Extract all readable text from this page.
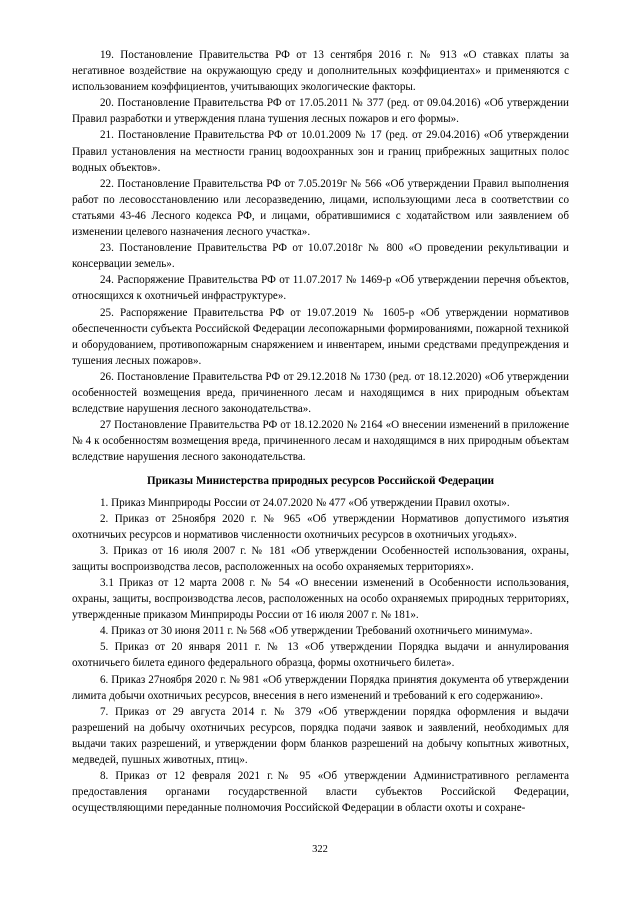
19. Постановление Правительства РФ от 13 сентября 2016 г. № 913 «О ставках платы за негативное воздействие на окружающую среду и дополнительных коэффициентах» и применяются с использованием коэффициентов, учитывающих экологические факторы.

20. Постановление Правительства РФ от 17.05.2011 № 377 (ред. от 09.04.2016) «Об утверждении Правил разработки и утверждения плана тушения лесных пожаров и его формы».

21. Постановление Правительства РФ от 10.01.2009 № 17 (ред. от 29.04.2016) «Об утверждении Правил установления на местности границ водоохранных зон и границ прибрежных защитных полос водных объектов».

22. Постановление Правительства РФ от 7.05.2019г № 566 «Об утверждении Правил выполнения работ по лесовосстановлению или лесоразведению, лицами, использующими леса в соответствии со статьями 43-46 Лесного кодекса РФ, и лицами, обратившимися с ходатайством или заявлением об изменении целевого назначения лесного участка».

23. Постановление Правительства РФ от 10.07.2018г № 800 «О проведении рекультивации и консервации земель».

24. Распоряжение Правительства РФ от 11.07.2017 № 1469-р «Об утверждении перечня объектов, относящихся к охотничьей инфраструктуре».

25. Распоряжение Правительства РФ от 19.07.2019 № 1605-р «Об утверждении нормативов обеспеченности субъекта Российской Федерации лесопожарными формированиями, пожарной техникой и оборудованием, противопожарным снаряжением и инвентарем, иными средствами предупреждения и тушения лесных пожаров».

26. Постановление Правительства РФ от 29.12.2018 № 1730 (ред. от 18.12.2020) «Об утверждении особенностей возмещения вреда, причиненного лесам и находящимся в них природным объектам вследствие нарушения лесного законодательства».

27 Постановление Правительства РФ от 18.12.2020 № 2164 «О внесении изменений в приложение № 4 к особенностям возмещения вреда, причиненного лесам и находящимся в них природным объектам вследствие нарушения лесного законодательства.

Приказы Министерства природных ресурсов Российской Федерации

1. Приказ Минприроды России от 24.07.2020 № 477 «Об утверждении Правил охоты».

2. Приказ от 25ноября 2020 г. № 965 «Об утверждении Нормативов допустимого изъятия охотничьих ресурсов и нормативов численности охотничьих ресурсов в охотничьих угодьях».

3. Приказ от 16 июля 2007 г. № 181 «Об утверждении Особенностей использования, охраны, защиты воспроизводства лесов, расположенных на особо охраняемых территориях».

3.1 Приказ от 12 марта 2008 г. № 54 «О внесении изменений в Особенности использования, охраны, защиты, воспроизводства лесов, расположенных на особо охраняемых природных территориях, утвержденные приказом Минприроды России от 16 июля 2007 г. № 181».

4. Приказ от 30 июня 2011 г. № 568 «Об утверждении Требований охотничьего минимума».

5. Приказ от 20 января 2011 г. № 13 «Об утверждении Порядка выдачи и аннулирования охотничьего билета единого федерального образца, формы охотничьего билета».

6. Приказ 27ноября 2020 г. № 981 «Об утверждении Порядка принятия документа об утверждении лимита добычи охотничьих ресурсов, внесения в него изменений и требований к его содержанию».

7. Приказ от 29 августа 2014 г. № 379 «Об утверждении порядка оформления и выдачи разрешений на добычу охотничьих ресурсов, порядка подачи заявок и заявлений, необходимых для выдачи таких разрешений, и утверждении форм бланков разрешений на добычу копытных животных, медведей, пушных животных, птиц».

8. Приказ от 12 февраля 2021 г.№ 95 «Об утверждении Административного регламента предоставления органами государственной власти субъектов Российской Федерации, осуществляющими переданные полномочия Российской Федерации в области охоты и сохране-

322
